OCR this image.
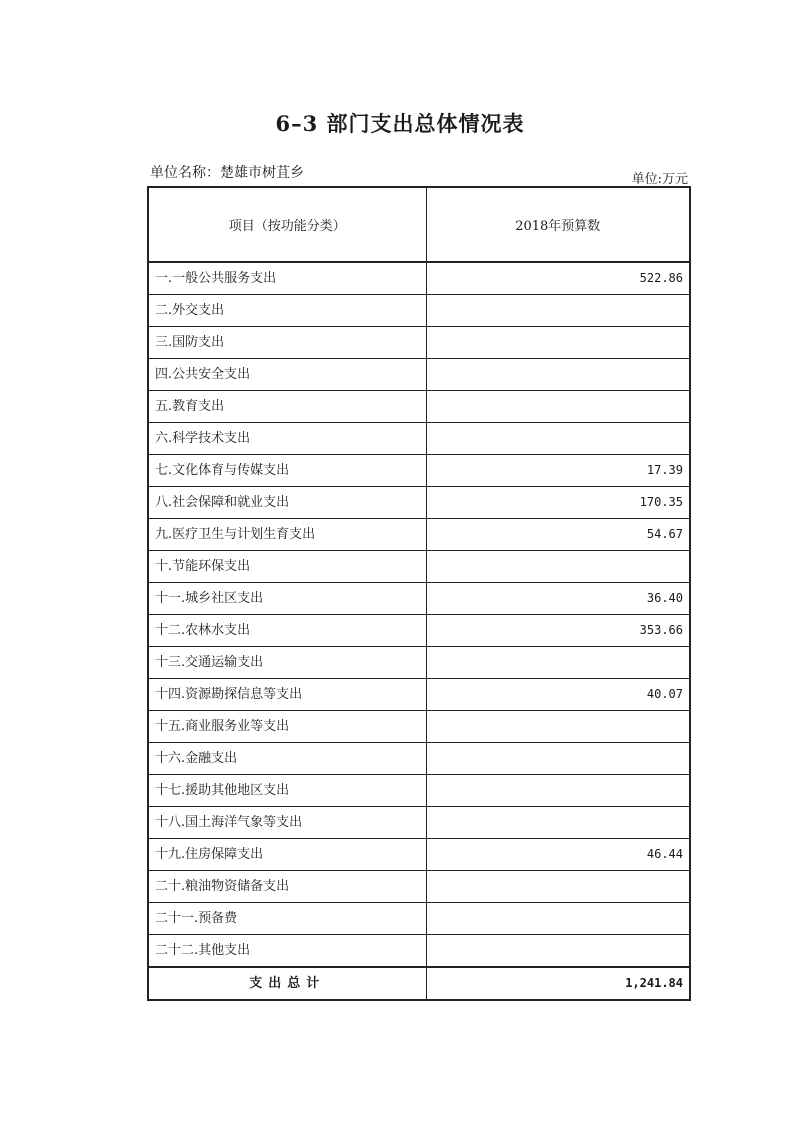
6–3 部门支出总体情况表
单位名称：楚雄市树苴乡	单位:万元
项目（按功能分类）	2018年预算数
一.一般公共服务支出	522.86
二.外交支出	
三.国防支出	
四.公共安全支出	
五.教育支出	
六.科学技术支出	
七.文化体育与传媒支出	17.39
八.社会保障和就业支出	170.35
九.医疗卫生与计划生育支出	54.67
十.节能环保支出	
十一.城乡社区支出	36.40
十二.农林水支出	353.66
十三.交通运输支出	
十四.资源勘探信息等支出	40.07
十五.商业服务业等支出	
十六.金融支出	
十七.援助其他地区支出	
十八.国土海洋气象等支出	
十九.住房保障支出	46.44
二十.粮油物资储备支出	
二十一.预备费	
二十二.其他支出	
支出总计	1,241.84
